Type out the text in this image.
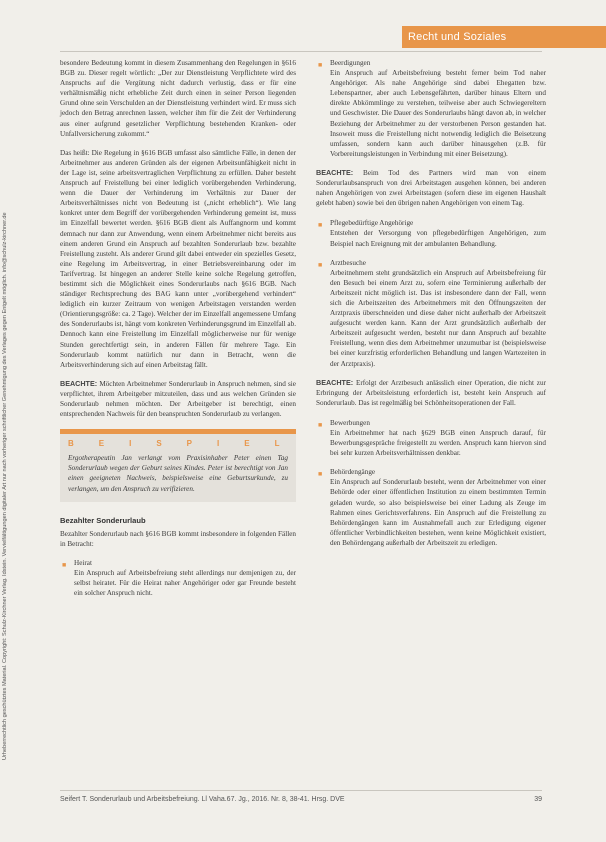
Recht und Soziales
Urheberrechtlich geschütztes Material. Copyright: Schulz-Kirchner Verlag. Idstein. Vervielfältigungen digitaler Art nur nach vorheriger schriftlicher Genehmigung des Verlages gegen Entgelt möglich. info@schulz-kirchner.de

besondere Bedeutung kommt in diesem Zusammenhang den Regelungen in §616 BGB zu. Dieser regelt wörtlich: „Der zur Dienstleistung Verpflichtete wird des Anspruchs auf die Vergütung nicht dadurch verlustig, dass er für eine verhältnismäßig nicht erhebliche Zeit durch einen in seiner Person liegenden Grund ohne sein Verschulden an der Dienstleistung verhindert wird. Er muss sich jedoch den Betrag anrechnen lassen, welcher ihm für die Zeit der Verhinderung aus einer aufgrund gesetzlicher Verpflichtung bestehenden Kranken- oder Unfallversicherung zukommt.“

Das heißt: Die Regelung in §616 BGB umfasst also sämtliche Fälle, in denen der Arbeitnehmer aus anderen Gründen als der eigenen Arbeitsunfähigkeit nicht in der Lage ist, seine arbeitsvertraglichen Verpflichtung zu erfüllen. Daher besteht Anspruch auf Freistellung bei einer lediglich vorübergehenden Verhinderung, wenn die Dauer der Verhinderung im Verhältnis zur Dauer der Arbeitsverhältnisses nicht von Bedeutung ist („nicht erheblich“). Wie lang konkret unter dem Begriff der vorübergehenden Verhinderung gemeint ist, muss im Einzelfall bewertet werden. §616 BGB dient als Auffangnorm und kommt demnach nur dann zur Anwendung, wenn einem Arbeitnehmer nicht bereits aus einem anderen Grund ein Anspruch auf bezahlten Sonderurlaub bzw. bezahlte Freistellung zusteht. Als anderer Grund gilt dabei entweder ein spezielles Gesetz, eine Regelung im Arbeitsvertrag, in einer Betriebsvereinbarung oder im Tarifvertrag. Ist hingegen an anderer Stelle keine solche Regelung getroffen, bestimmt sich die Möglichkeit eines Sonderurlaubs nach §616 BGB. Nach ständiger Rechtsprechung des BAG kann unter „vorübergehend verhindert“ lediglich ein kurzer Zeitraum von wenigen Arbeitstagen verstanden werden (Orientierungsgröße: ca. 2 Tage). Welcher der im Einzelfall angemessene Umfang des Sonderurlaubs ist, hängt vom konkreten Verhinderungsgrund im Einzelfall ab. Dennoch kann eine Freistellung im Einzelfall möglicherweise nur für wenige Stunden gerechtfertigt sein, in anderen Fällen für mehrere Tage. Ein Sonderurlaub kommt natürlich nur dann in Betracht, wenn die Arbeitsverhinderung sich auf einen Arbeitstag fällt.

BEACHTE: Möchten Arbeitnehmer Sonderurlaub in Anspruch nehmen, sind sie verpflichtet, ihrem Arbeitgeber mitzuteilen, dass und aus welchen Gründen sie Sonderurlaub nehmen möchten. Der Arbeitgeber ist berechtigt, einen entsprechenden Nachweis für den beanspruchten Sonderurlaub zu verlangen.

BEISPIEL
Ergotherapeutin Jan verlangt vom Praxisinhaber Peter einen Tag Sonderurlaub wegen der Geburt seines Kindes. Peter ist berechtigt von Jan einen geeigneten Nachweis, beispielsweise eine Geburtsurkunde, zu verlangen, um den Anspruch zu verifizieren.
Bezahlter Sonderurlaub

Bezahlter Sonderurlaub nach §616 BGB kommt insbesondere in folgenden Fällen in Betracht:

■ Heirat
Ein Anspruch auf Arbeitsbefreiung steht allerdings nur demjenigen zu, der selbst heiratet. Für die Heirat naher Angehöriger oder gar Freunde besteht ein solcher Anspruch nicht.
■ Beerdigungen
Ein Anspruch auf Arbeitsbefreiung besteht ferner beim Tod naher Angehöriger. Als nahe Angehörige sind dabei Ehegatten bzw. Lebenspartner, aber auch Lebensgefährten, darüber hinaus Eltern und direkte Abkömmlinge zu verstehen, teilweise aber auch Schwiegereltern und Geschwister. Die Dauer des Sonderurlaubs hängt davon ab, in welcher Beziehung der Arbeitnehmer zu der verstorbenen Person gestanden hat. Insoweit muss die Freistellung nicht notwendig lediglich die Beisetzung umfassen, sondern kann auch darüber hinausgehen (z.B. für Vorbereitungsleistungen in Verbindung mit einer Beisetzung).

BEACHTE: Beim Tod des Partners wird man von einem Sonderurlaubsanspruch von drei Arbeitstagen ausgehen können, bei anderen nahen Angehörigen von zwei Arbeitstagen (sofern diese im eigenen Haushalt gelebt haben) sowie bei den übrigen nahen Angehörigen von einem Tag.

■ Pflegebedürftige Angehörige
Entstehen der Versorgung von pflegebedürftigen Angehörigen, zum Beispiel nach Ereignung mit der ambulanten Behandlung.
■ Arztbesuche
Arbeitnehmern steht grundsätzlich ein Anspruch auf Arbeitsbefreiung für den Besuch bei einem Arzt zu, sofern eine Terminierung außerhalb der Arbeitszeit nicht möglich ist. Das ist insbesondere dann der Fall, wenn sich die Arbeitszeiten des Arbeitnehmers mit den Öffnungszeiten der Arztpraxis überschneiden und diese daher nicht außerhalb der Arbeitszeit aufgesucht werden kann. Kann der Arzt grundsätzlich außerhalb der Arbeitszeit aufgesucht werden, besteht nur dann Anspruch auf bezahlte Freistellung, wenn dies dem Arbeitnehmer unzumutbar ist (beispielsweise bei einer kurzfristig erforderlichen Behandlung und langen Wartezeiten in der Arztpraxis).

BEACHTE: Erfolgt der Arztbesuch anlässlich einer Operation, die nicht zur Erbringung der Arbeitsleistung erforderlich ist, besteht kein Anspruch auf Sonderurlaub. Das ist regelmäßig bei Schönheitsoperationen der Fall.

■ Bewerbungen
Ein Arbeitnehmer hat nach §629 BGB einen Anspruch darauf, für Bewerbungsgespräche freigestellt zu werden. Anspruch kann hiervon sind bei sehr kurzen Arbeitsverhältnissen denkbar.
■ Behördengänge
Ein Anspruch auf Sonderurlaub besteht, wenn der Arbeitnehmer von einer Behörde oder einer öffentlichen Institution zu einem bestimmten Termin geladen wurde, so also beispielsweise bei einer Ladung als Zeuge im Rahmen eines Gerichtsverfahrens. Ein Anspruch auf die Freistellung zu Behördengängen kann im Ausnahmefall auch zur Erledigung eigener öffentlicher Verbindlichkeiten bestehen, wenn keine Möglichkeit existiert, den Behördengang außerhalb der Arbeitszeit zu erledigen.
Seifert T. Sonderurlaub und Arbeitsbefreiung. Ll Vaha.67. Jg., 2016. Nr. 8, 38-41. Hrsg. DVE	39
